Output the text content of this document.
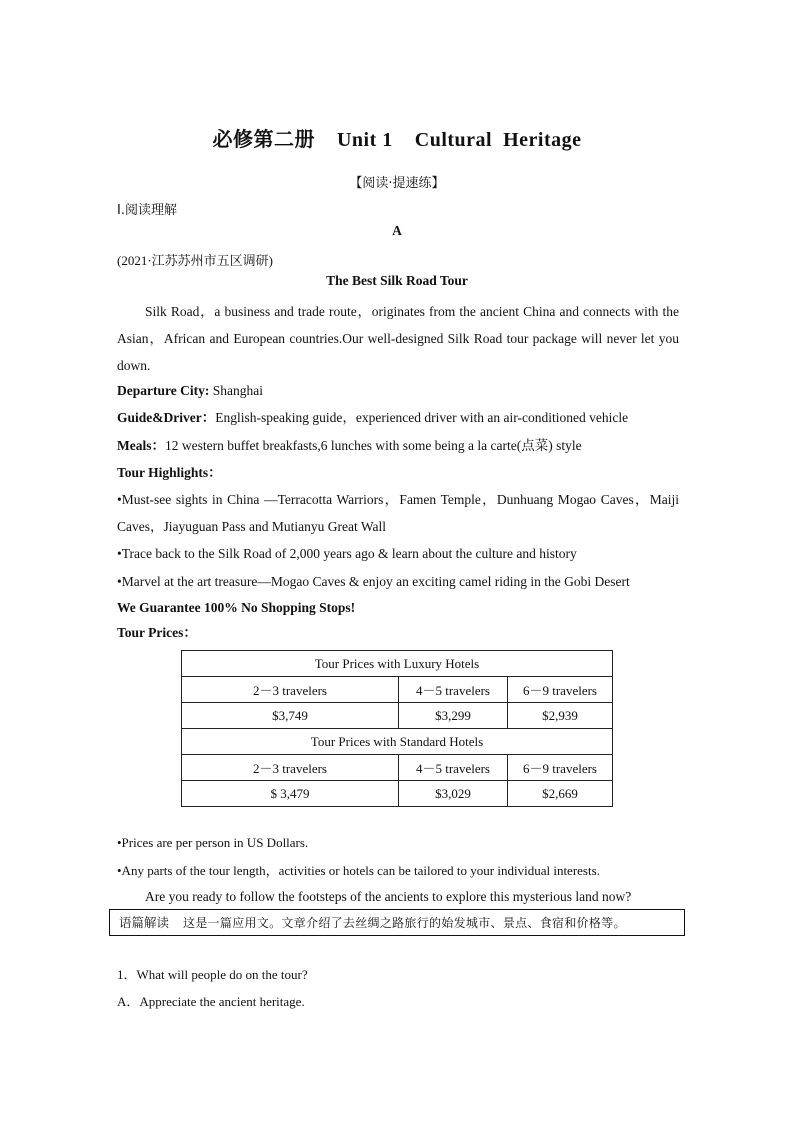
必修第二册 Unit 1 Cultural  Heritage
【阅读·提速练】
Ⅰ.阅读理解
A
(2021·江苏苏州市五区调研)
The Best Silk Road Tour
Silk Road，a business and trade route，originates from the ancient China and connects with the Asian，African and European countries.Our well-designed Silk Road tour package will never let you down.
Departure City: Shanghai
Guide&Driver：English-speaking guide，experienced driver with an air-conditioned vehicle
Meals：12 western buffet breakfasts,6 lunches with some being a la carte(点菜) style
Tour Highlights：
•Must-see sights in China —Terracotta Warriors，Famen Temple，Dunhuang Mogao Caves，Maiji Caves，Jiayuguan Pass and Mutianyu Great Wall
•Trace back to the Silk Road of 2,000 years ago & learn about the culture and history
•Marvel at the art treasure—Mogao Caves & enjoy an exciting camel riding in the Gobi Desert
We Guarantee 100% No Shopping Stops!
Tour Prices：
Tour Prices with Luxury Hotels		
2－3 travelers	4－5 travelers	6－9 travelers
$3,749	$3,299	$2,939
Tour Prices with Standard Hotels		
2－3 travelers	4－5 travelers	6－9 travelers
$ 3,479	$3,029	$2,669
•Prices are per person in US Dollars.
•Any parts of the tour length，activities or hotels can be tailored to your individual interests.
Are you ready to follow the footsteps of the ancients to explore this mysterious land now?
语篇解读 这是一篇应用文。文章介绍了去丝绸之路旅行的始发城市、景点、食宿和价格等。
1．What will people do on the tour?
A．Appreciate the ancient heritage.
